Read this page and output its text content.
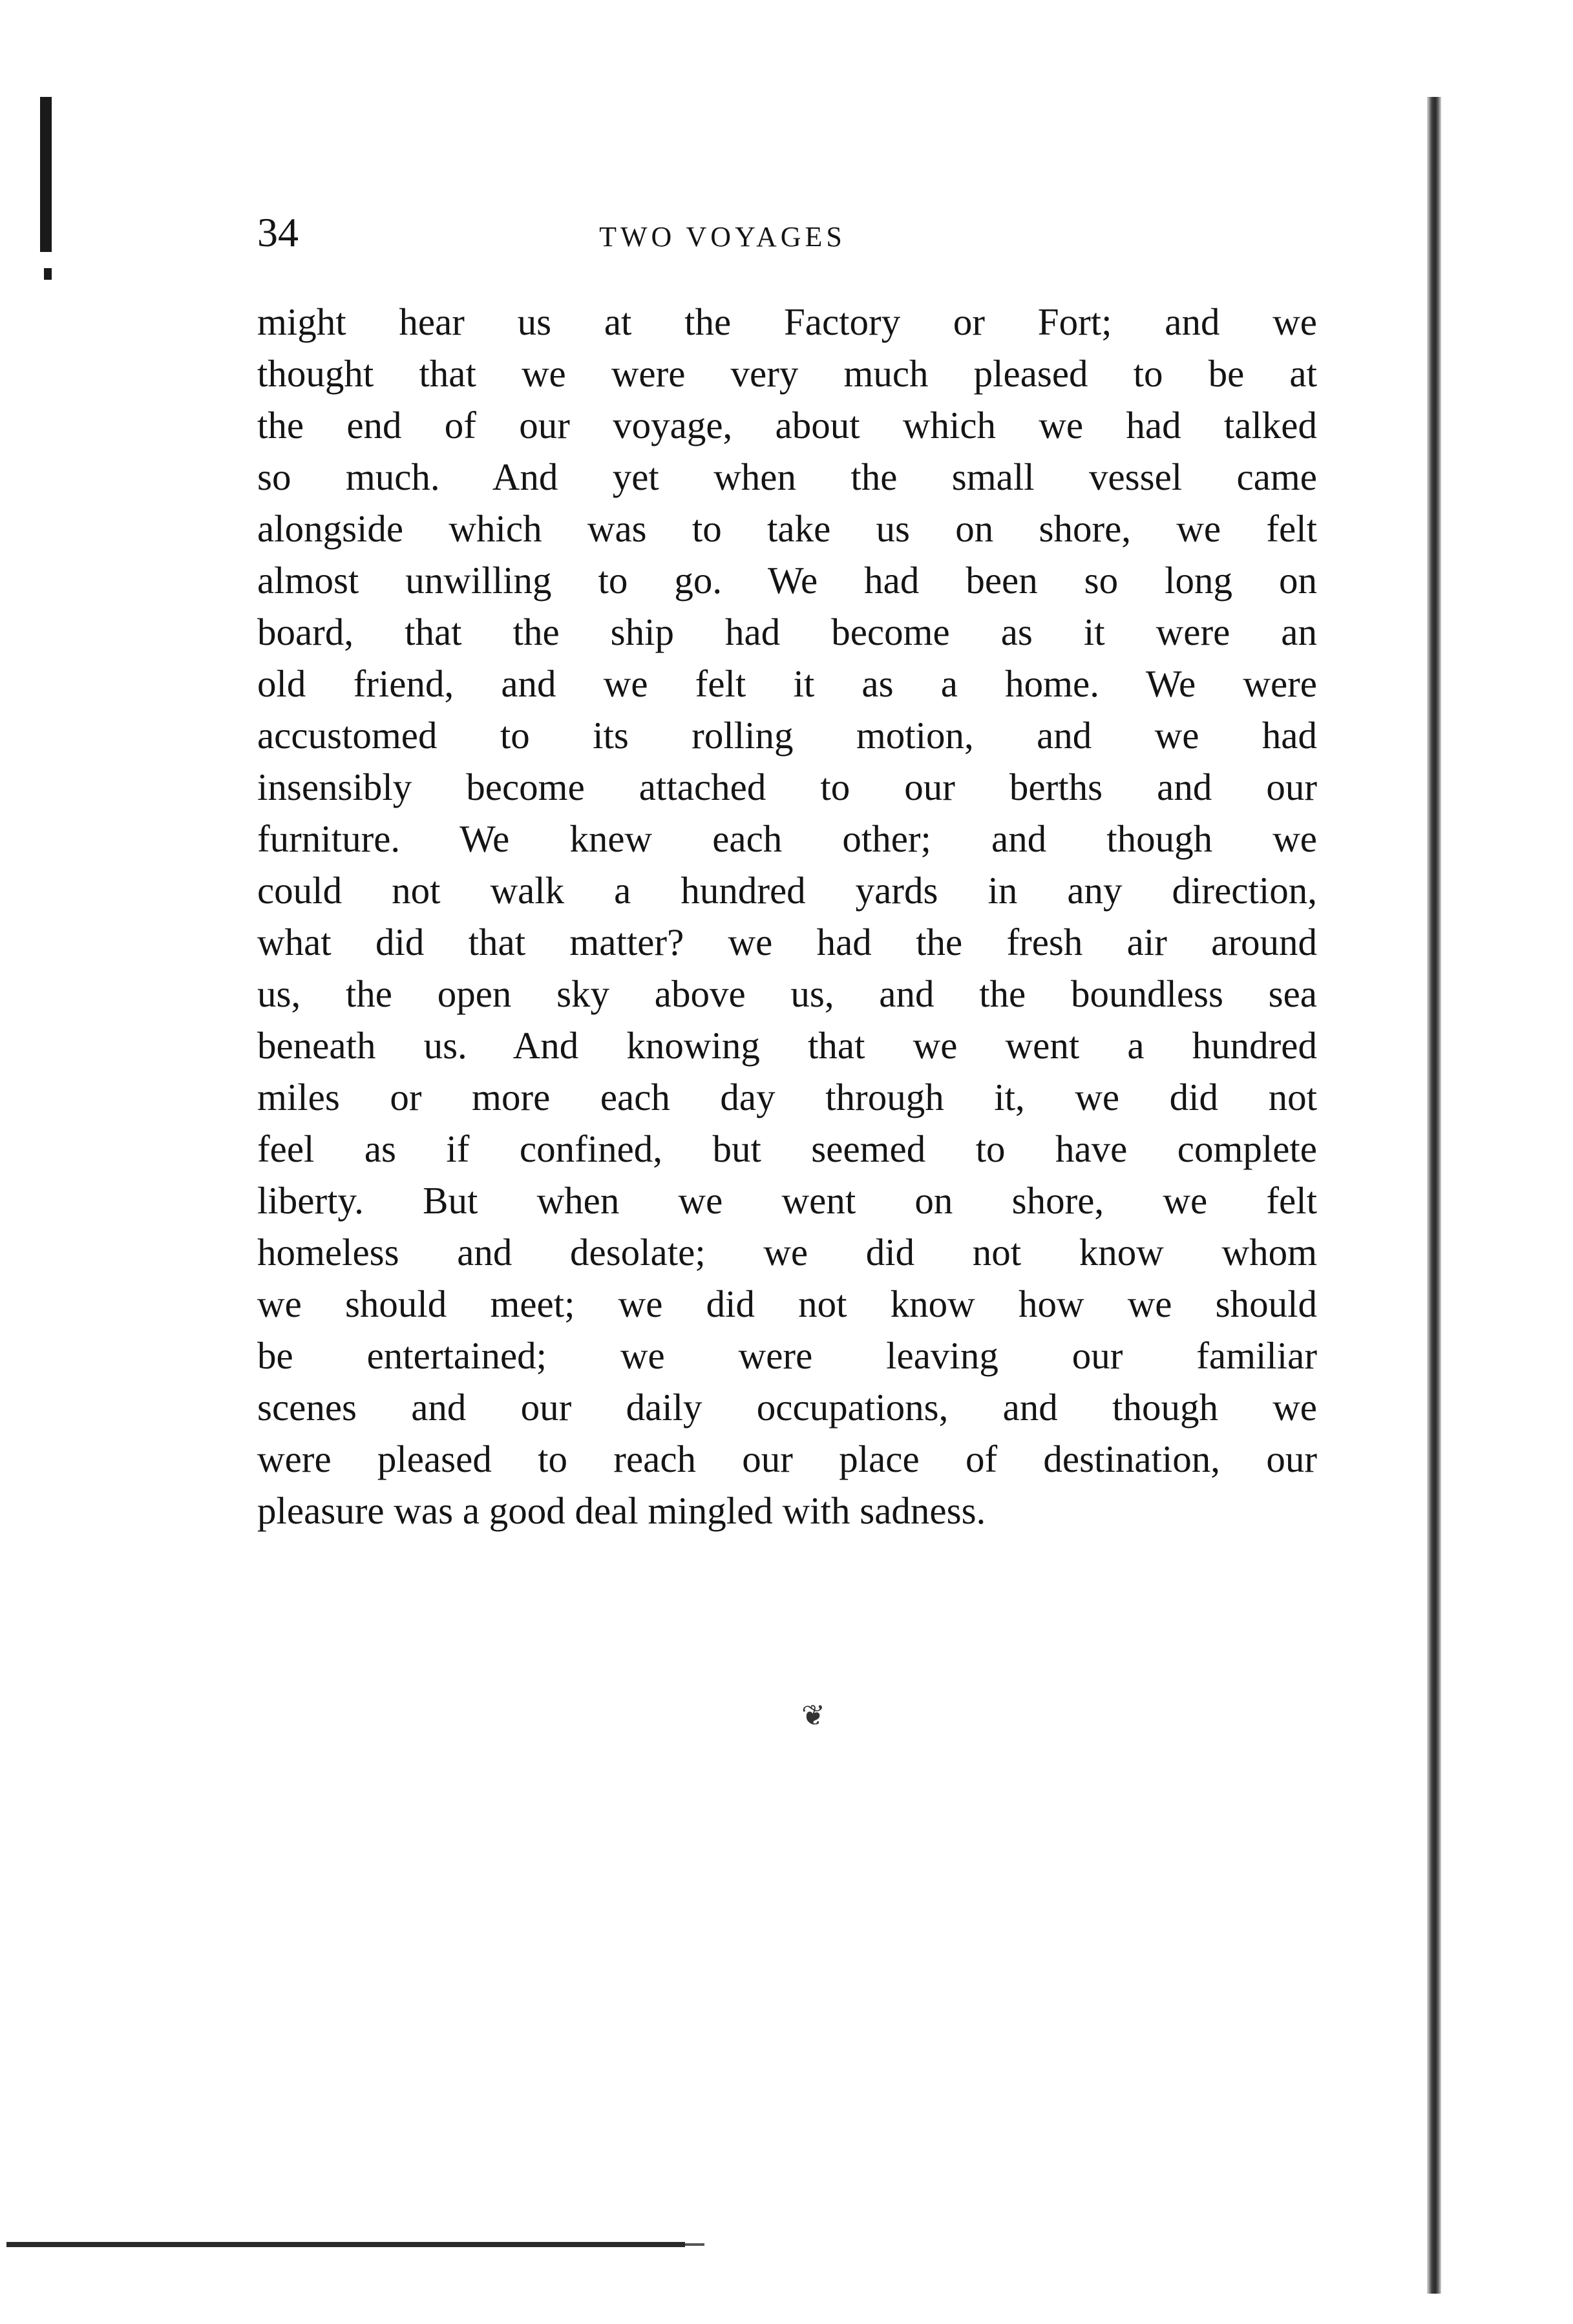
34	TWO VOYAGES
might hear us at the Factory or Fort; and we
thought that we were very much pleased to be at
the end of our voyage, about which we had talked
so much. And yet when the small vessel came
alongside which was to take us on shore, we felt
almost unwilling to go. We had been so long on
board, that the ship had become as it were an
old friend, and we felt it as a home. We were
accustomed to its rolling motion, and we had
insensibly become attached to our berths and our
furniture. We knew each other; and though we
could not walk a hundred yards in any direction,
what did that matter? we had the fresh air around
us, the open sky above us, and the boundless sea
beneath us. And knowing that we went a hundred
miles or more each day through it, we did not
feel as if confined, but seemed to have complete
liberty. But when we went on shore, we felt
homeless and desolate; we did not know whom
we should meet; we did not know how we should
be entertained; we were leaving our familiar
scenes and our daily occupations, and though we
were pleased to reach our place of destination, our
pleasure was a good deal mingled with sadness.
❦
